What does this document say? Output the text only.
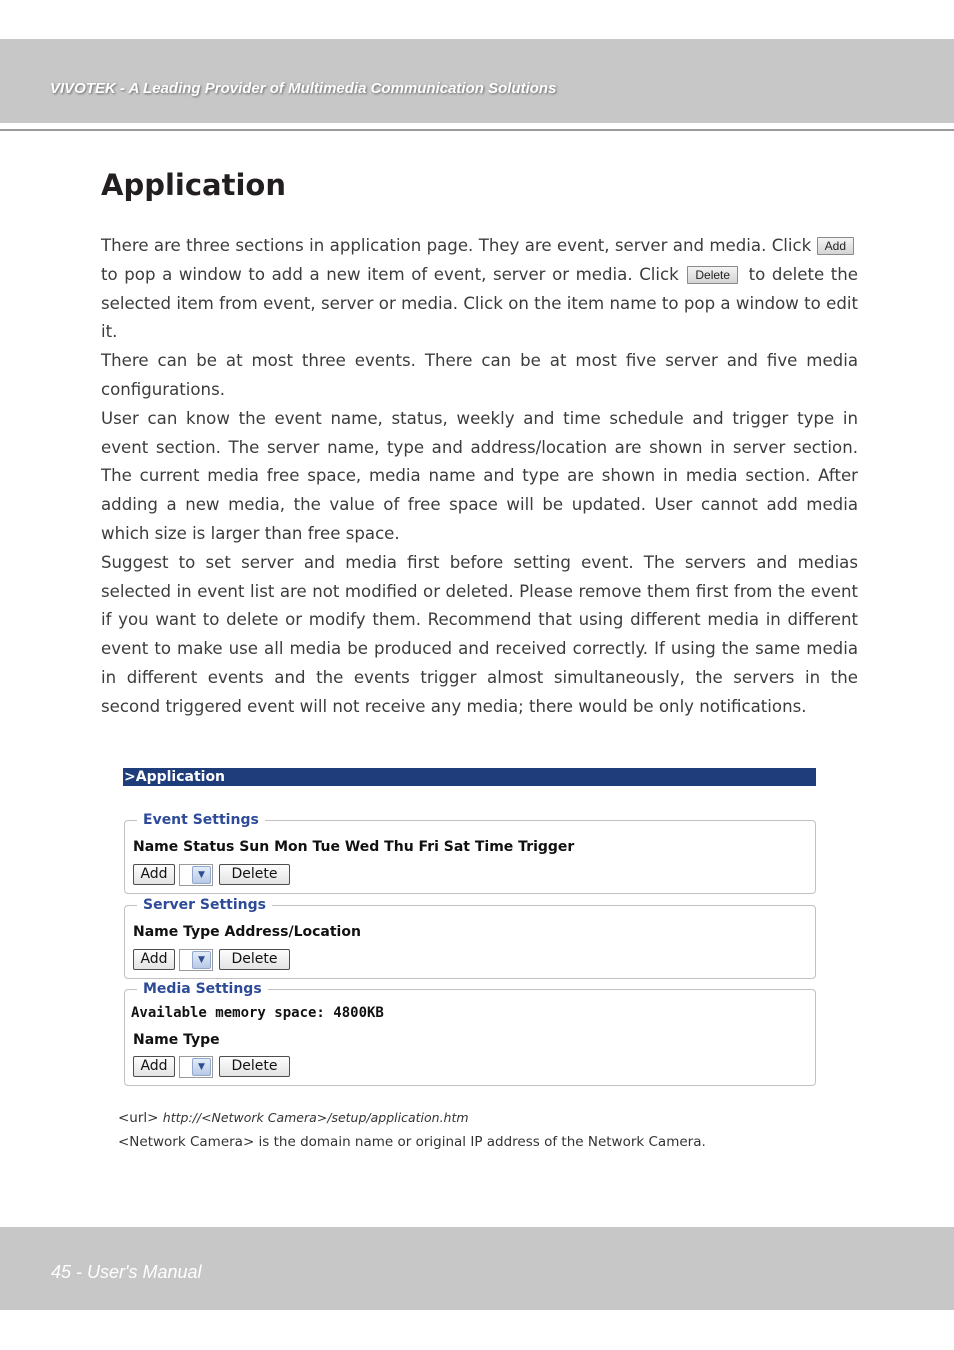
VIVOTEK - A Leading Provider of Multimedia Communication Solutions
Application

There are three sections in application page. They are event, server and media. Click Add to pop a window to add a new item of event, server or media. Click Delete to delete the selected item from event, server or media. Click on the item name to pop a window to edit it.

There can be at most three events. There can be at most five server and five media configurations.

User can know the event name, status, weekly and time schedule and trigger type in event section. The server name, type and address/location are shown in server section. The current media free space, media name and type are shown in media section. After adding a new media, the value of free space will be updated. User cannot add media which size is larger than free space.

Suggest to set server and media first before setting event. The servers and medias selected in event list are not modified or deleted. Please remove them first from the event if you want to delete or modify them. Recommend that using different media in different event to make use all media be produced and received correctly. If using the same media in different events and the events trigger almost simultaneously, the servers in the second triggered event will not receive any media; there would be only notifications.

>Application
Event Settings
Name Status Sun Mon Tue Wed Thu Fri Sat Time Trigger
Add	▼	Delete
Server Settings
Name Type Address/Location
Add	▼	Delete
Media Settings
Available memory space: 4800KB
Name Type
Add	▼	Delete
<url> http://<Network Camera>/setup/application.htm
<Network Camera> is the domain name or original IP address of the Network Camera.
45 - User's Manual
